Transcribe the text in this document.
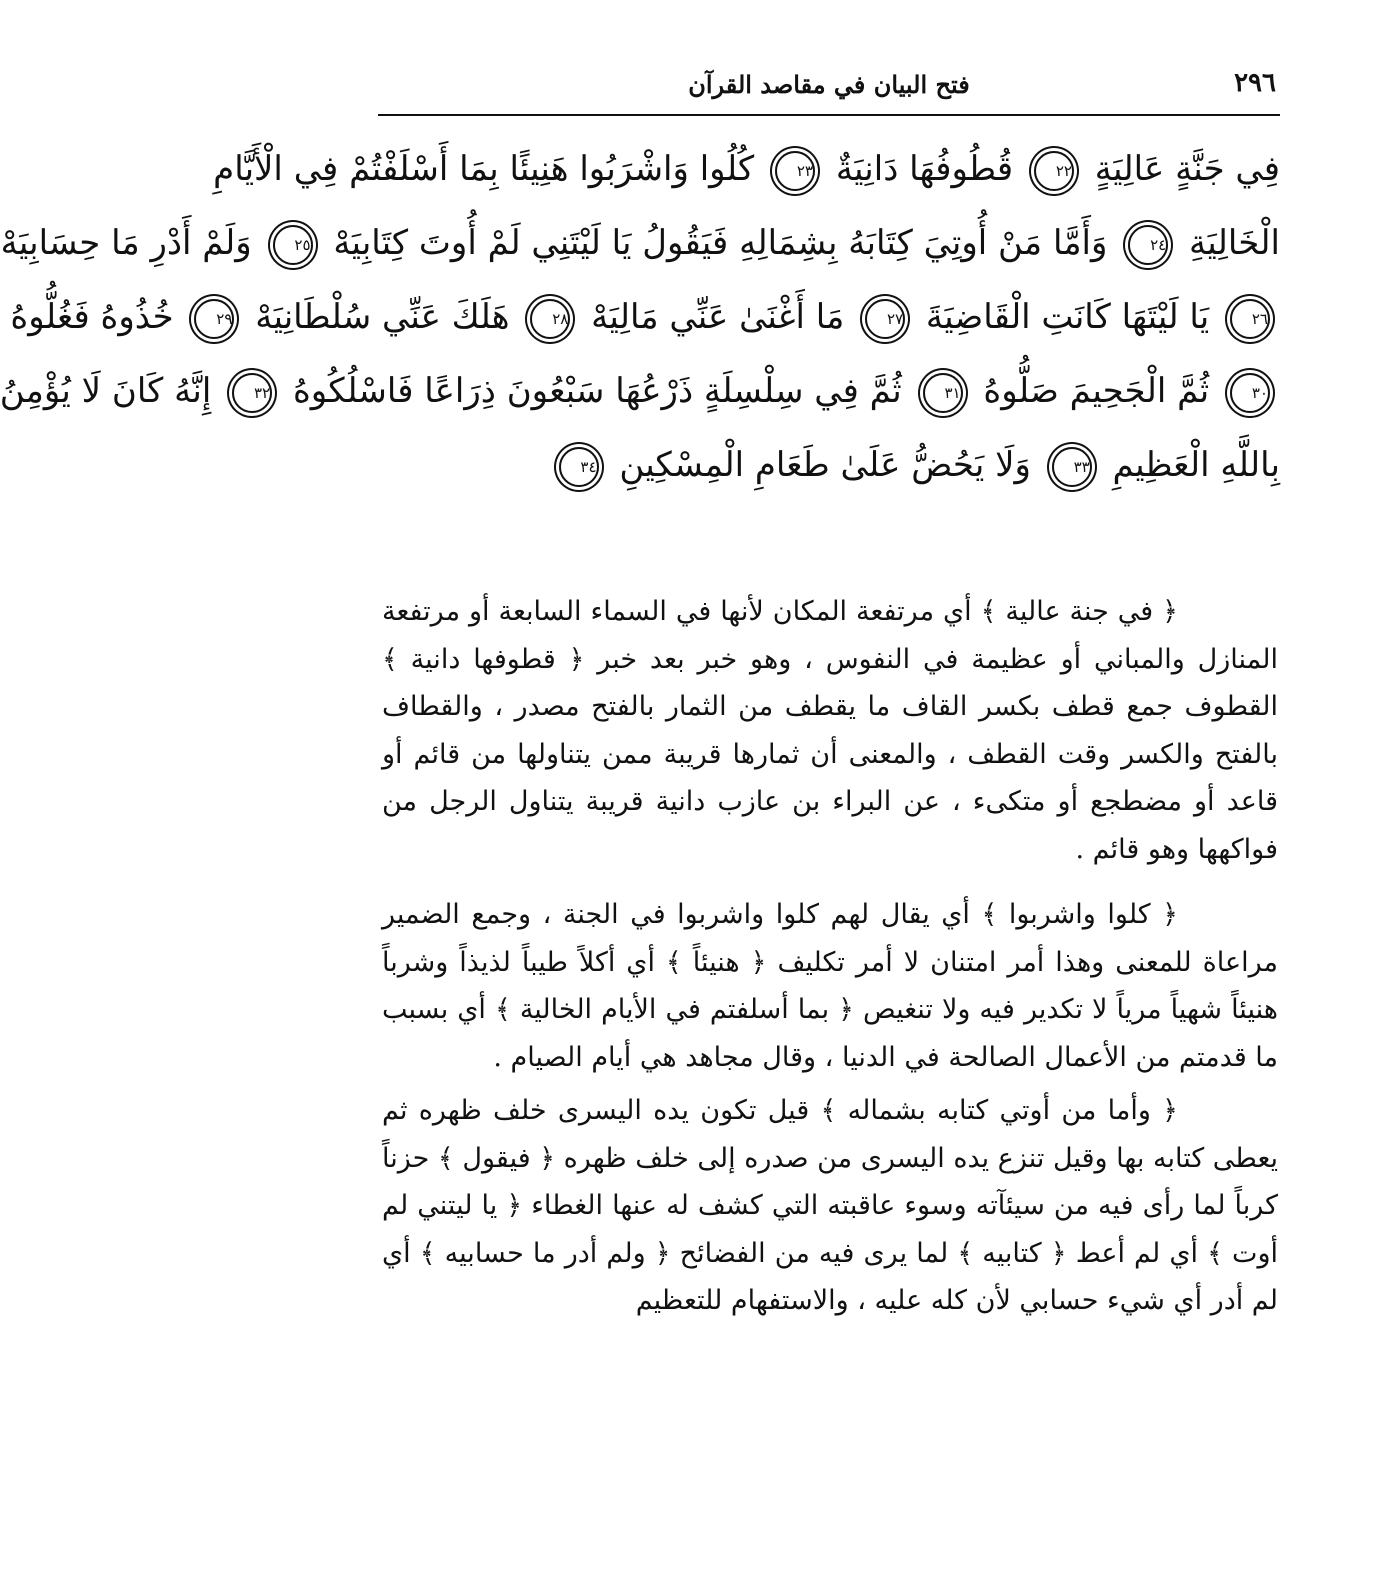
٢٩٦
فتح البيان في مقاصد القرآن
فِي جَنَّةٍ عَالِيَةٍ ٢٢ قُطُوفُهَا دَانِيَةٌ ٢٣ كُلُوا وَاشْرَبُوا هَنِيئًا بِمَا أَسْلَفْتُمْ فِي الْأَيَّامِ
الْخَالِيَةِ ٢٤ وَأَمَّا مَنْ أُوتِيَ كِتَابَهُ بِشِمَالِهِ فَيَقُولُ يَا لَيْتَنِي لَمْ أُوتَ كِتَابِيَهْ ٢٥ وَلَمْ أَدْرِ مَا حِسَابِيَهْ
٢٦ يَا لَيْتَهَا كَانَتِ الْقَاضِيَةَ ٢٧ مَا أَغْنَىٰ عَنِّي مَالِيَهْ ٢٨ هَلَكَ عَنِّي سُلْطَانِيَهْ ٢٩ خُذُوهُ فَغُلُّوهُ
٣٠ ثُمَّ الْجَحِيمَ صَلُّوهُ ٣١ ثُمَّ فِي سِلْسِلَةٍ ذَرْعُهَا سَبْعُونَ ذِرَاعًا فَاسْلُكُوهُ ٣٢ إِنَّهُ كَانَ لَا يُؤْمِنُ
بِاللَّهِ الْعَظِيمِ ٣٣ وَلَا يَحُضُّ عَلَىٰ طَعَامِ الْمِسْكِينِ ٣٤

﴿ في جنة عالية ﴾ أي مرتفعة المكان لأنها في السماء السابعة أو مرتفعة المنازل والمباني أو عظيمة في النفوس ، وهو خبر بعد خبر ﴿ قطوفها دانية ﴾ القطوف جمع قطف بكسر القاف ما يقطف من الثمار بالفتح مصدر ، والقطاف بالفتح والكسر وقت القطف ، والمعنى أن ثمارها قريبة ممن يتناولها من قائم أو قاعد أو مضطجع أو متكىء ، عن البراء بن عازب دانية قريبة يتناول الرجل من فواكهها وهو قائم .

﴿ كلوا واشربوا ﴾ أي يقال لهم كلوا واشربوا في الجنة ، وجمع الضمير مراعاة للمعنى وهذا أمر امتنان لا أمر تكليف ﴿ هنيئاً ﴾ أي أكلاً طيباً لذيذاً وشرباً هنيئاً شهياً مرياً لا تكدير فيه ولا تنغيص ﴿ بما أسلفتم في الأيام الخالية ﴾ أي بسبب ما قدمتم من الأعمال الصالحة في الدنيا ، وقال مجاهد هي أيام الصيام .

﴿ وأما من أوتي كتابه بشماله ﴾ قيل تكون يده اليسرى خلف ظهره ثم يعطى كتابه بها وقيل تنزع يده اليسرى من صدره إلى خلف ظهره ﴿ فيقول ﴾ حزناً كرباً لما رأى فيه من سيئآته وسوء عاقبته التي كشف له عنها الغطاء ﴿ يا ليتني لم أوت ﴾ أي لم أعط ﴿ كتابيه ﴾ لما يرى فيه من الفضائح ﴿ ولم أدر ما حسابيه ﴾ أي لم أدر أي شيء حسابي لأن كله عليه ، والاستفهام للتعظيم
